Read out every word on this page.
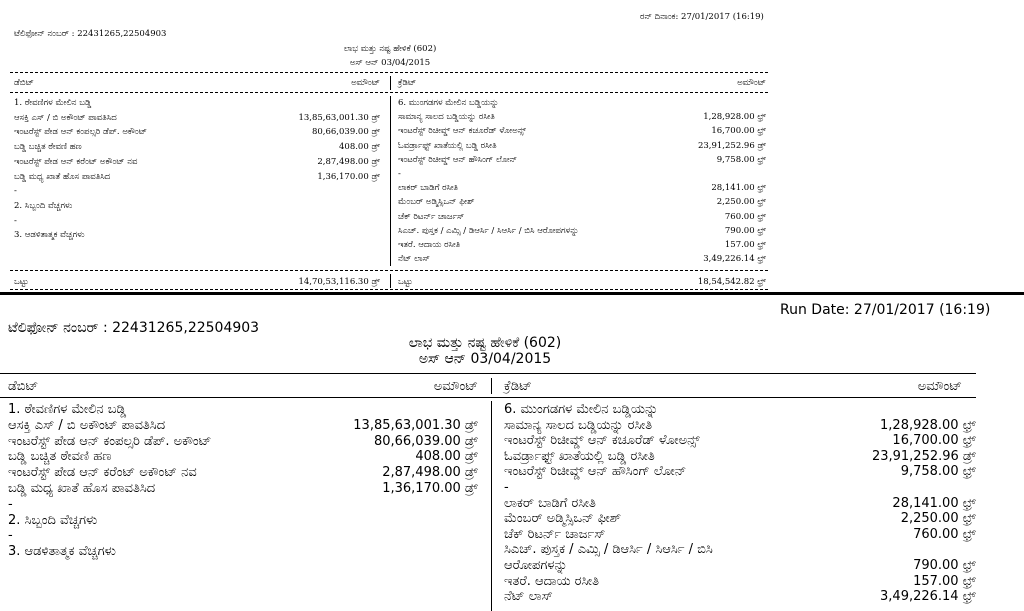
ರನ್ ದಿನಾಂಕ: 27/01/2017 (16:19)
ಟೆಲಿಫೋನ್ ನಂಬರ್ : 22431265,22504903
ಲಾಭ ಮತ್ತು ನಷ್ಟ ಹೇಳಿಕೆ (602)
ಅಸ್ ಆನ್ 03/04/2015
ಡೆಬಿಟ್	ಅಮೌಂಟ್ ಕ್ರೆಡಿಟ್	ಅಮೌಂಟ್
1. ಠೇವಣಿಗಳ ಮೇಲಿನ ಬಡ್ಡಿ
ಆಸಕ್ತಿ ಎಸ್ / ಬಿ ಅಕೌಂಟ್ ಪಾವತಿಸಿದ	13,85,63,001.30 ಡ್ರ್
ಇಂಟರೆಸ್ಟ್ ಪೇಡ ಆನ್ ಕಂಪಲ್ಸರಿ ಡೆಪ್. ಅಕೌಂಟ್	80,66,039.00 ಡ್ರ್
ಬಡ್ಡಿ ಬಚ್ಚಿತ ಠೇವಣಿ ಹಣ	408.00 ಡ್ರ್
ಇಂಟರೆಸ್ಟ್ ಪೇಡ ಆನ್ ಕರೆಂಟ್ ಅಕೌಂಟ್ ನವ	2,87,498.00 ಡ್ರ್
ಬಡ್ಡಿ ಮಧ್ಯ ಖಾತೆ ಹೊಸ ಪಾವತಿಸಿದ	1,36,170.00 ಡ್ರ್
-
2. ಸಿಬ್ಬಂದಿ ವೆಚ್ಚಗಳು
-
3. ಆಡಳಿತಾತ್ಮಕ ವೆಚ್ಚಗಳು
6. ಮುಂಗಡಗಳ ಮೇಲಿನ ಬಡ್ಡಿಯನ್ನು
ಸಾಮಾನ್ಯ ಸಾಲದ ಬಡ್ಡಿಯನ್ನು ರಸೀತಿ	1,28,928.00 ಛ್ರ್
ಇಂಟರೆಸ್ಟ್ ರಿಚೀವ್ಡ್ ಆನ್ ಕಚೂರೆಡ್ ಳೋಅನ್ಸ್	16,700.00 ಛ್ರ್
ಓವರ್ಡ್ರಾಫ್ಟ್ ಖಾತೆಯಲ್ಲಿ ಬಡ್ಡಿ ರಸೀತಿ	23,91,252.96 ಡ್ರ್
ಇಂಟರೆಸ್ಟ್ ರಿಚೀವ್ಡ್ ಆನ್ ಹೌಸಿಂಗ್ ಲೋನ್	9,758.00 ಛ್ರ್
-
ಲಾಕರ್ ಬಾಡಿಗೆ ರಸೀತಿ	28,141.00 ಛ್ರ್
ಮೆಂಬರ್ ಅಡ್ಮಿಸ್ಸಿಒನ್ ಫೀಶ್	2,250.00 ಛ್ರ್
ಚೆಕ್ ರಿಟರ್ನ್ ಚಾರ್ಜಸ್	760.00 ಛ್ರ್
ಸಿಎಚ್. ಪುಸ್ತಕ / ಎಮ್ಸಿ / ಡಿಆರ್ಸಿ / ಸಿಆರ್ಸಿ / ಬಿಸಿ ಆರೋಪಗಳನ್ನು	790.00 ಛ್ರ್
ಇತರೆ. ಆದಾಯ ರಸೀತಿ	157.00 ಛ್ರ್
ನೆಟ್ ಲಾಸ್	3,49,226.14 ಛ್ರ್
ಒಟ್ಟು	14,70,53,116.30 ಡ್ರ್ ಒಟ್ಟು	18,54,542.82 ಛ್ರ್
Run Date: 27/01/2017 (16:19)
ಟೆಲಿಫೋನ್ ನಂಬರ್ : 22431265,22504903
ಲಾಭ ಮತ್ತು ನಷ್ಟ ಹೇಳಿಕೆ (602)
ಅಸ್ ಆನ್ 03/04/2015
ಡೆಬಿಟ್	ಅಮೌಂಟ್ ಕ್ರೆಡಿಟ್	ಅಮೌಂಟ್
1. ಠೇವಣಿಗಳ ಮೇಲಿನ ಬಡ್ಡಿ
ಆಸಕ್ತಿ ಎಸ್ / ಬಿ ಅಕೌಂಟ್ ಪಾವತಿಸಿದ	13,85,63,001.30 ಡ್ರ್
ಇಂಟರೆಸ್ಟ್ ಪೇಡ ಆನ್ ಕಂಪಲ್ಸರಿ ಡೆಪ್. ಅಕೌಂಟ್	80,66,039.00 ಡ್ರ್
ಬಡ್ಡಿ ಬಚ್ಚಿತ ಠೇವಣಿ ಹಣ	408.00 ಡ್ರ್
ಇಂಟರೆಸ್ಟ್ ಪೇಡ ಆನ್ ಕರೆಂಟ್ ಅಕೌಂಟ್ ನವ	2,87,498.00 ಡ್ರ್
ಬಡ್ಡಿ ಮಧ್ಯ ಖಾತೆ ಹೊಸ ಪಾವತಿಸಿದ	1,36,170.00 ಡ್ರ್
-
2. ಸಿಬ್ಬಂದಿ ವೆಚ್ಚಗಳು
-
3. ಆಡಳಿತಾತ್ಮಕ ವೆಚ್ಚಗಳು
6. ಮುಂಗಡಗಳ ಮೇಲಿನ ಬಡ್ಡಿಯನ್ನು
ಸಾಮಾನ್ಯ ಸಾಲದ ಬಡ್ಡಿಯನ್ನು ರಸೀತಿ	1,28,928.00 ಛ್ರ್
ಇಂಟರೆಸ್ಟ್ ರಿಚೀವ್ಡ್ ಆನ್ ಕಚೂರೆಡ್ ಳೋಅನ್ಸ್	16,700.00 ಛ್ರ್
ಓವರ್ಡ್ರಾಫ್ಟ್ ಖಾತೆಯಲ್ಲಿ ಬಡ್ಡಿ ರಸೀತಿ	23,91,252.96 ಡ್ರ್
ಇಂಟರೆಸ್ಟ್ ರಿಚೀವ್ಡ್ ಆನ್ ಹೌಸಿಂಗ್ ಲೋನ್	9,758.00 ಛ್ರ್
-
ಲಾಕರ್ ಬಾಡಿಗೆ ರಸೀತಿ	28,141.00 ಛ್ರ್
ಮೆಂಬರ್ ಅಡ್ಮಿಸ್ಸಿಒನ್ ಫೀಶ್	2,250.00 ಛ್ರ್
ಚೆಕ್ ರಿಟರ್ನ್ ಚಾರ್ಜಸ್	760.00 ಛ್ರ್
ಸಿಎಚ್. ಪುಸ್ತಕ / ಎಮ್ಸಿ / ಡಿಆರ್ಸಿ / ಸಿಆರ್ಸಿ / ಬಿಸಿ
ಆರೋಪಗಳನ್ನು	790.00 ಛ್ರ್
ಇತರೆ. ಆದಾಯ ರಸೀತಿ	157.00 ಛ್ರ್
ನೆಟ್ ಲಾಸ್	3,49,226.14 ಛ್ರ್
